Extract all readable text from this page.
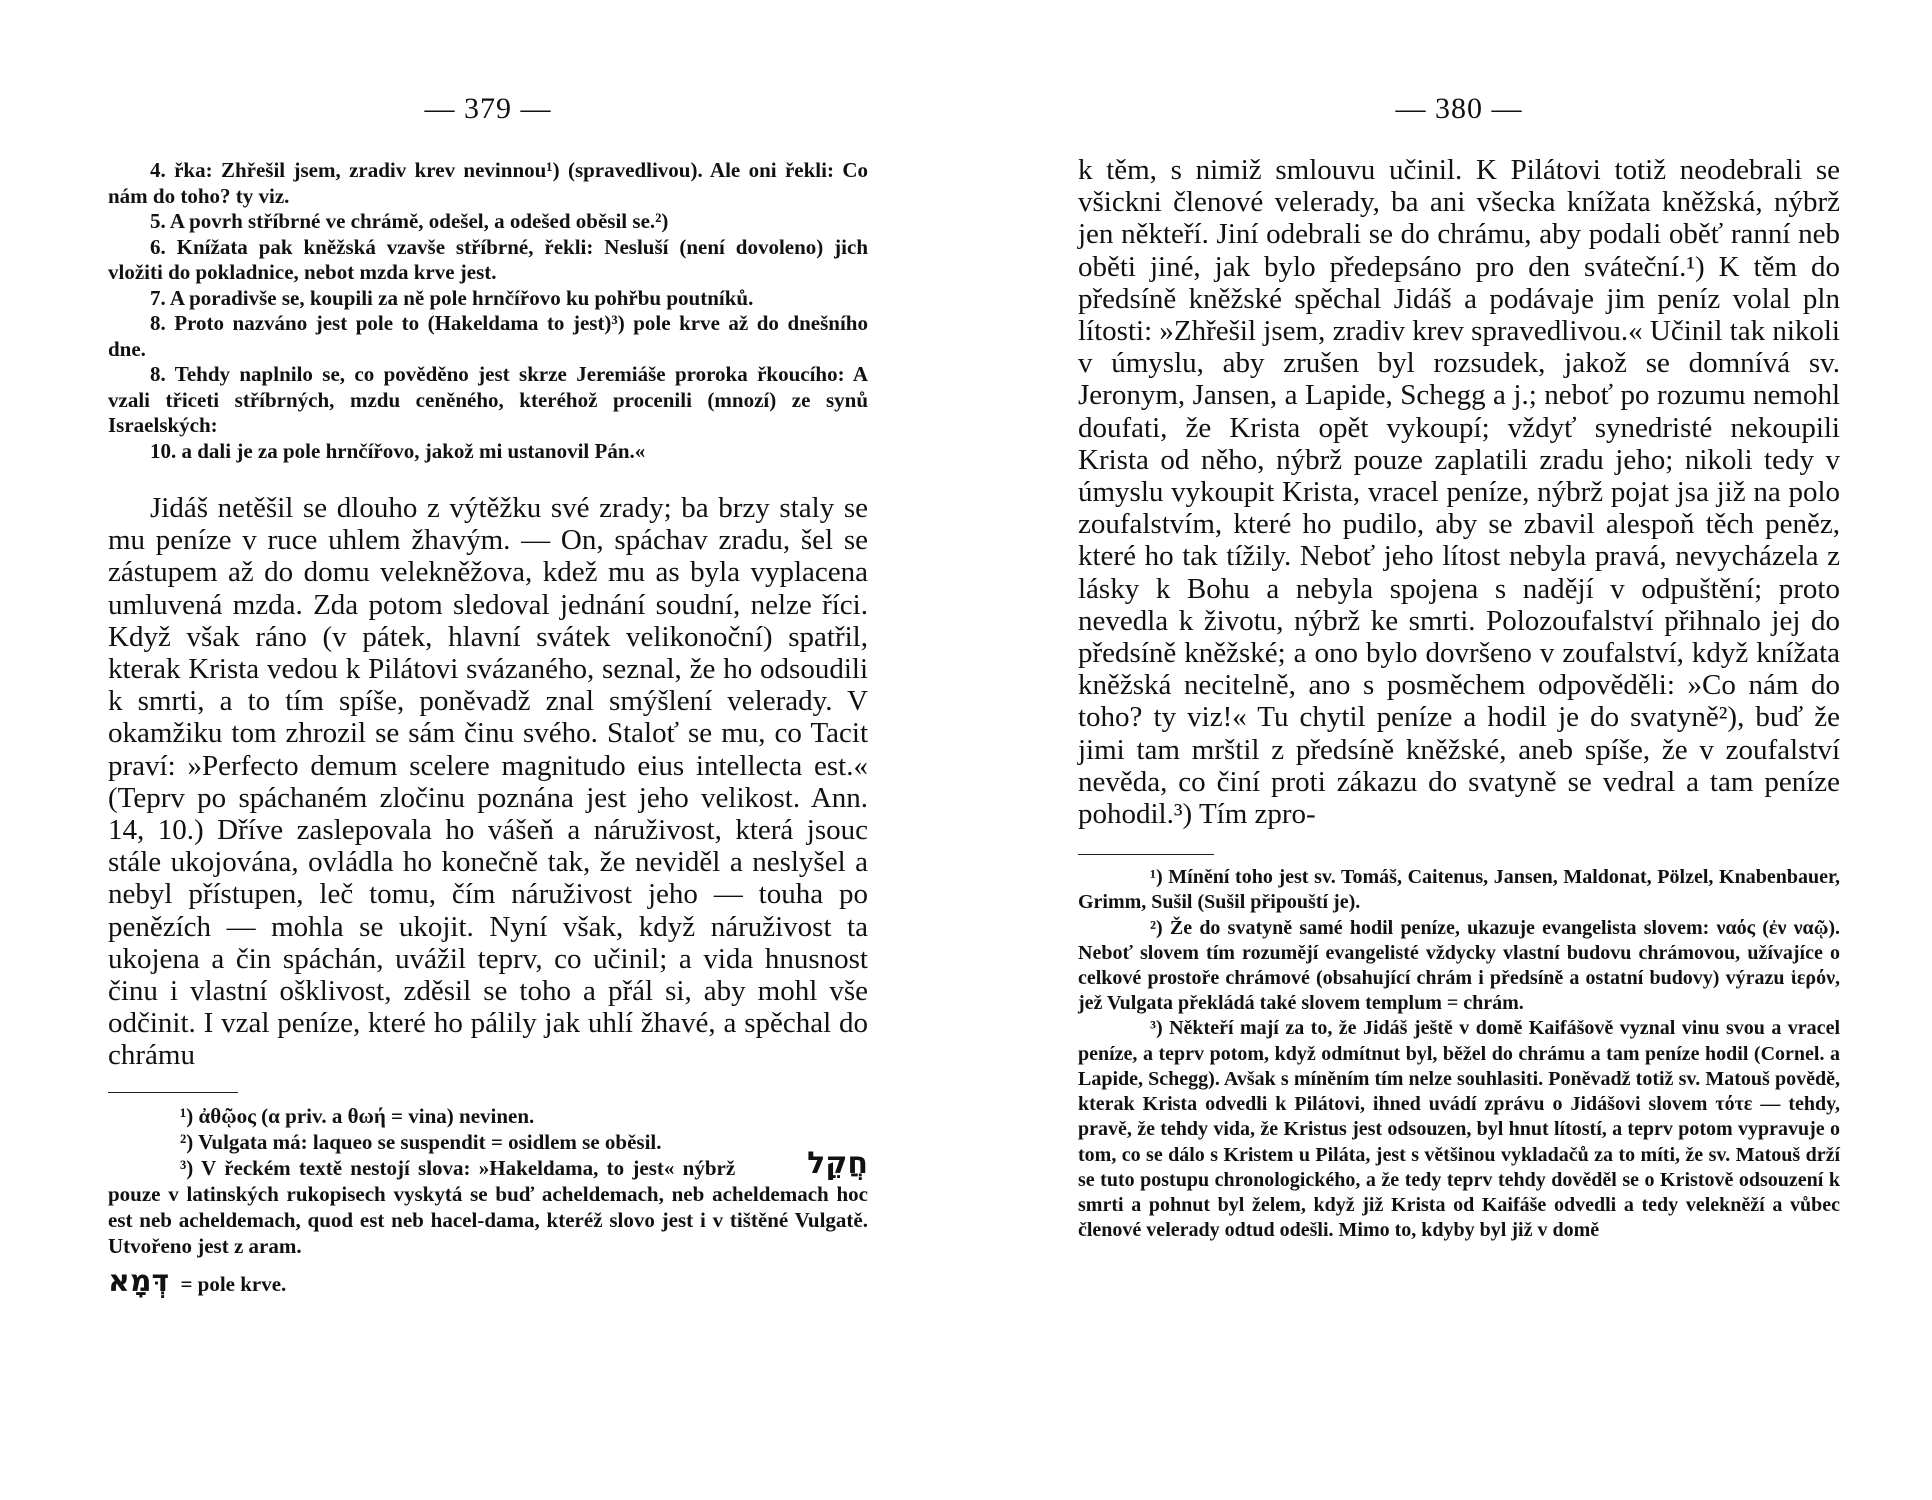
— 379 —
4. řka: Zhřešil jsem, zradiv krev nevinnou¹) (spravedlivou). Ale oni řekli: Co nám do toho? ty viz.
5. A povrh stříbrné ve chrámě, odešel, a odešed oběsil se.²)
6. Knížata pak kněžská vzavše stříbrné, řekli: Nesluší (není dovoleno) jich vložiti do pokladnice, nebot mzda krve jest.
7. A poradivše se, koupili za ně pole hrnčířovo ku pohřbu poutníků.
8. Proto nazváno jest pole to (Hakeldama to jest)³) pole krve až do dnešního dne.
8. Tehdy naplnilo se, co pověděno jest skrze Jeremiáše proroka řkoucího: A vzali třiceti stříbrných, mzdu ceněného, kteréhož procenili (mnozí) ze synů Israelských:
10. a dali je za pole hrnčířovo, jakož mi ustanovil Pán.«
Jidáš netěšil se dlouho z výtěžku své zrady; ba brzy staly se mu peníze v ruce uhlem žhavým. — On, spáchav zradu, šel se zástupem až do domu velekněžova, kdež mu as byla vyplacena umluvená mzda. Zda potom sledoval jednání soudní, nelze říci. Když však ráno (v pátek, hlavní svátek velikonoční) spatřil, kterak Krista vedou k Pilátovi svázaného, seznal, že ho odsoudili k smrti, a to tím spíše, poněvadž znal smýšlení velerady. V okamžiku tom zhrozil se sám činu svého. Staloť se mu, co Tacit praví: »Perfecto demum scelere magnitudo eius intellecta est.« (Teprv po spáchaném zločinu poznána jest jeho velikost. Ann. 14, 10.) Dříve zaslepovala ho vášeň a náruživost, která jsouc stále ukojována, ovládla ho konečně tak, že neviděl a neslyšel a nebyl přístupen, leč tomu, čím náruživost jeho — touha po penězích — mohla se ukojit. Nyní však, když náruživost ta ukojena a čin spáchán, uvážil teprv, co učinil; a vida hnusnost činu i vlastní ošklivost, zděsil se toho a přál si, aby mohl vše odčinit. I vzal peníze, které ho pálily jak uhlí žhavé, a spěchal do chrámu
¹) ἀθῷος (α priv. a θωή = vina) nevinen.
²) Vulgata má: laqueo se suspendit = osidlem se oběsil.
חֲקֵל
³) V řeckém textě nestojí slova: »Hakeldama, to jest« nýbrž pouze v latinských rukopisech vyskytá se buď acheldemach, neb acheldemach hoc est neb acheldemach, quod est neb hacel-dama, kteréž slovo jest i v tištěné Vulgatě. Utvořeno jest z aram.
דְּמָא = pole krve.
— 380 —
k těm, s nimiž smlouvu učinil. K Pilátovi totiž neodebrali se všickni členové velerady, ba ani všecka knížata kněžská, nýbrž jen někteří. Jiní odebrali se do chrámu, aby podali oběť ranní neb oběti jiné, jak bylo předepsáno pro den sváteční.¹) K těm do předsíně kněžské spěchal Jidáš a podávaje jim peníz volal pln lítosti: »Zhřešil jsem, zradiv krev spravedlivou.« Učinil tak nikoli v úmyslu, aby zrušen byl rozsudek, jakož se domnívá sv. Jeronym, Jansen, a Lapide, Schegg a j.; neboť po rozumu nemohl doufati, že Krista opět vykoupí; vždyť synedristé nekoupili Krista od něho, nýbrž pouze zaplatili zradu jeho; nikoli tedy v úmyslu vykoupit Krista, vracel peníze, nýbrž pojat jsa již na polo zoufalstvím, které ho pudilo, aby se zbavil alespoň těch peněz, které ho tak tížily. Neboť jeho lítost nebyla pravá, nevycházela z lásky k Bohu a nebyla spojena s nadějí v odpuštění; proto nevedla k životu, nýbrž ke smrti. Polozoufalství přihnalo jej do předsíně kněžské; a ono bylo dovršeno v zoufalství, když knížata kněžská necitelně, ano s posměchem odpověděli: »Co nám do toho? ty viz!« Tu chytil peníze a hodil je do svatyně²), buď že jimi tam mrštil z předsíně kněžské, aneb spíše, že v zoufalství nevěda, co činí proti zákazu do svatyně se vedral a tam peníze pohodil.³) Tím zpro-
¹) Mínění toho jest sv. Tomáš, Caitenus, Jansen, Maldonat, Pölzel, Knabenbauer, Grimm, Sušil (Sušil připouští je).
²) Že do svatyně samé hodil peníze, ukazuje evangelista slovem: ναός (ἐν ναῷ). Neboť slovem tím rozumějí evangelisté vždycky vlastní budovu chrámovou, užívajíce o celkové prostoře chrámové (obsahující chrám i předsíně a ostatní budovy) výrazu ἱερόν, jež Vulgata překládá také slovem templum = chrám.
³) Někteří mají za to, že Jidáš ještě v domě Kaifášově vyznal vinu svou a vracel peníze, a teprv potom, když odmítnut byl, běžel do chrámu a tam peníze hodil (Cornel. a Lapide, Schegg). Avšak s míněním tím nelze souhlasiti. Poněvadž totiž sv. Matouš povědě, kterak Krista odvedli k Pilátovi, ihned uvádí zprávu o Jidášovi slovem τότε — tehdy, pravě, že tehdy vida, že Kristus jest odsouzen, byl hnut lítostí, a teprv potom vypravuje o tom, co se dálo s Kristem u Piláta, jest s většinou vykladačů za to míti, že sv. Matouš drží se tuto postupu chronologického, a že tedy teprv tehdy dověděl se o Kristově odsouzení k smrti a pohnut byl želem, když již Krista od Kaifáše odvedli a tedy velekněží a vůbec členové velerady odtud odešli. Mimo to, kdyby byl již v domě
